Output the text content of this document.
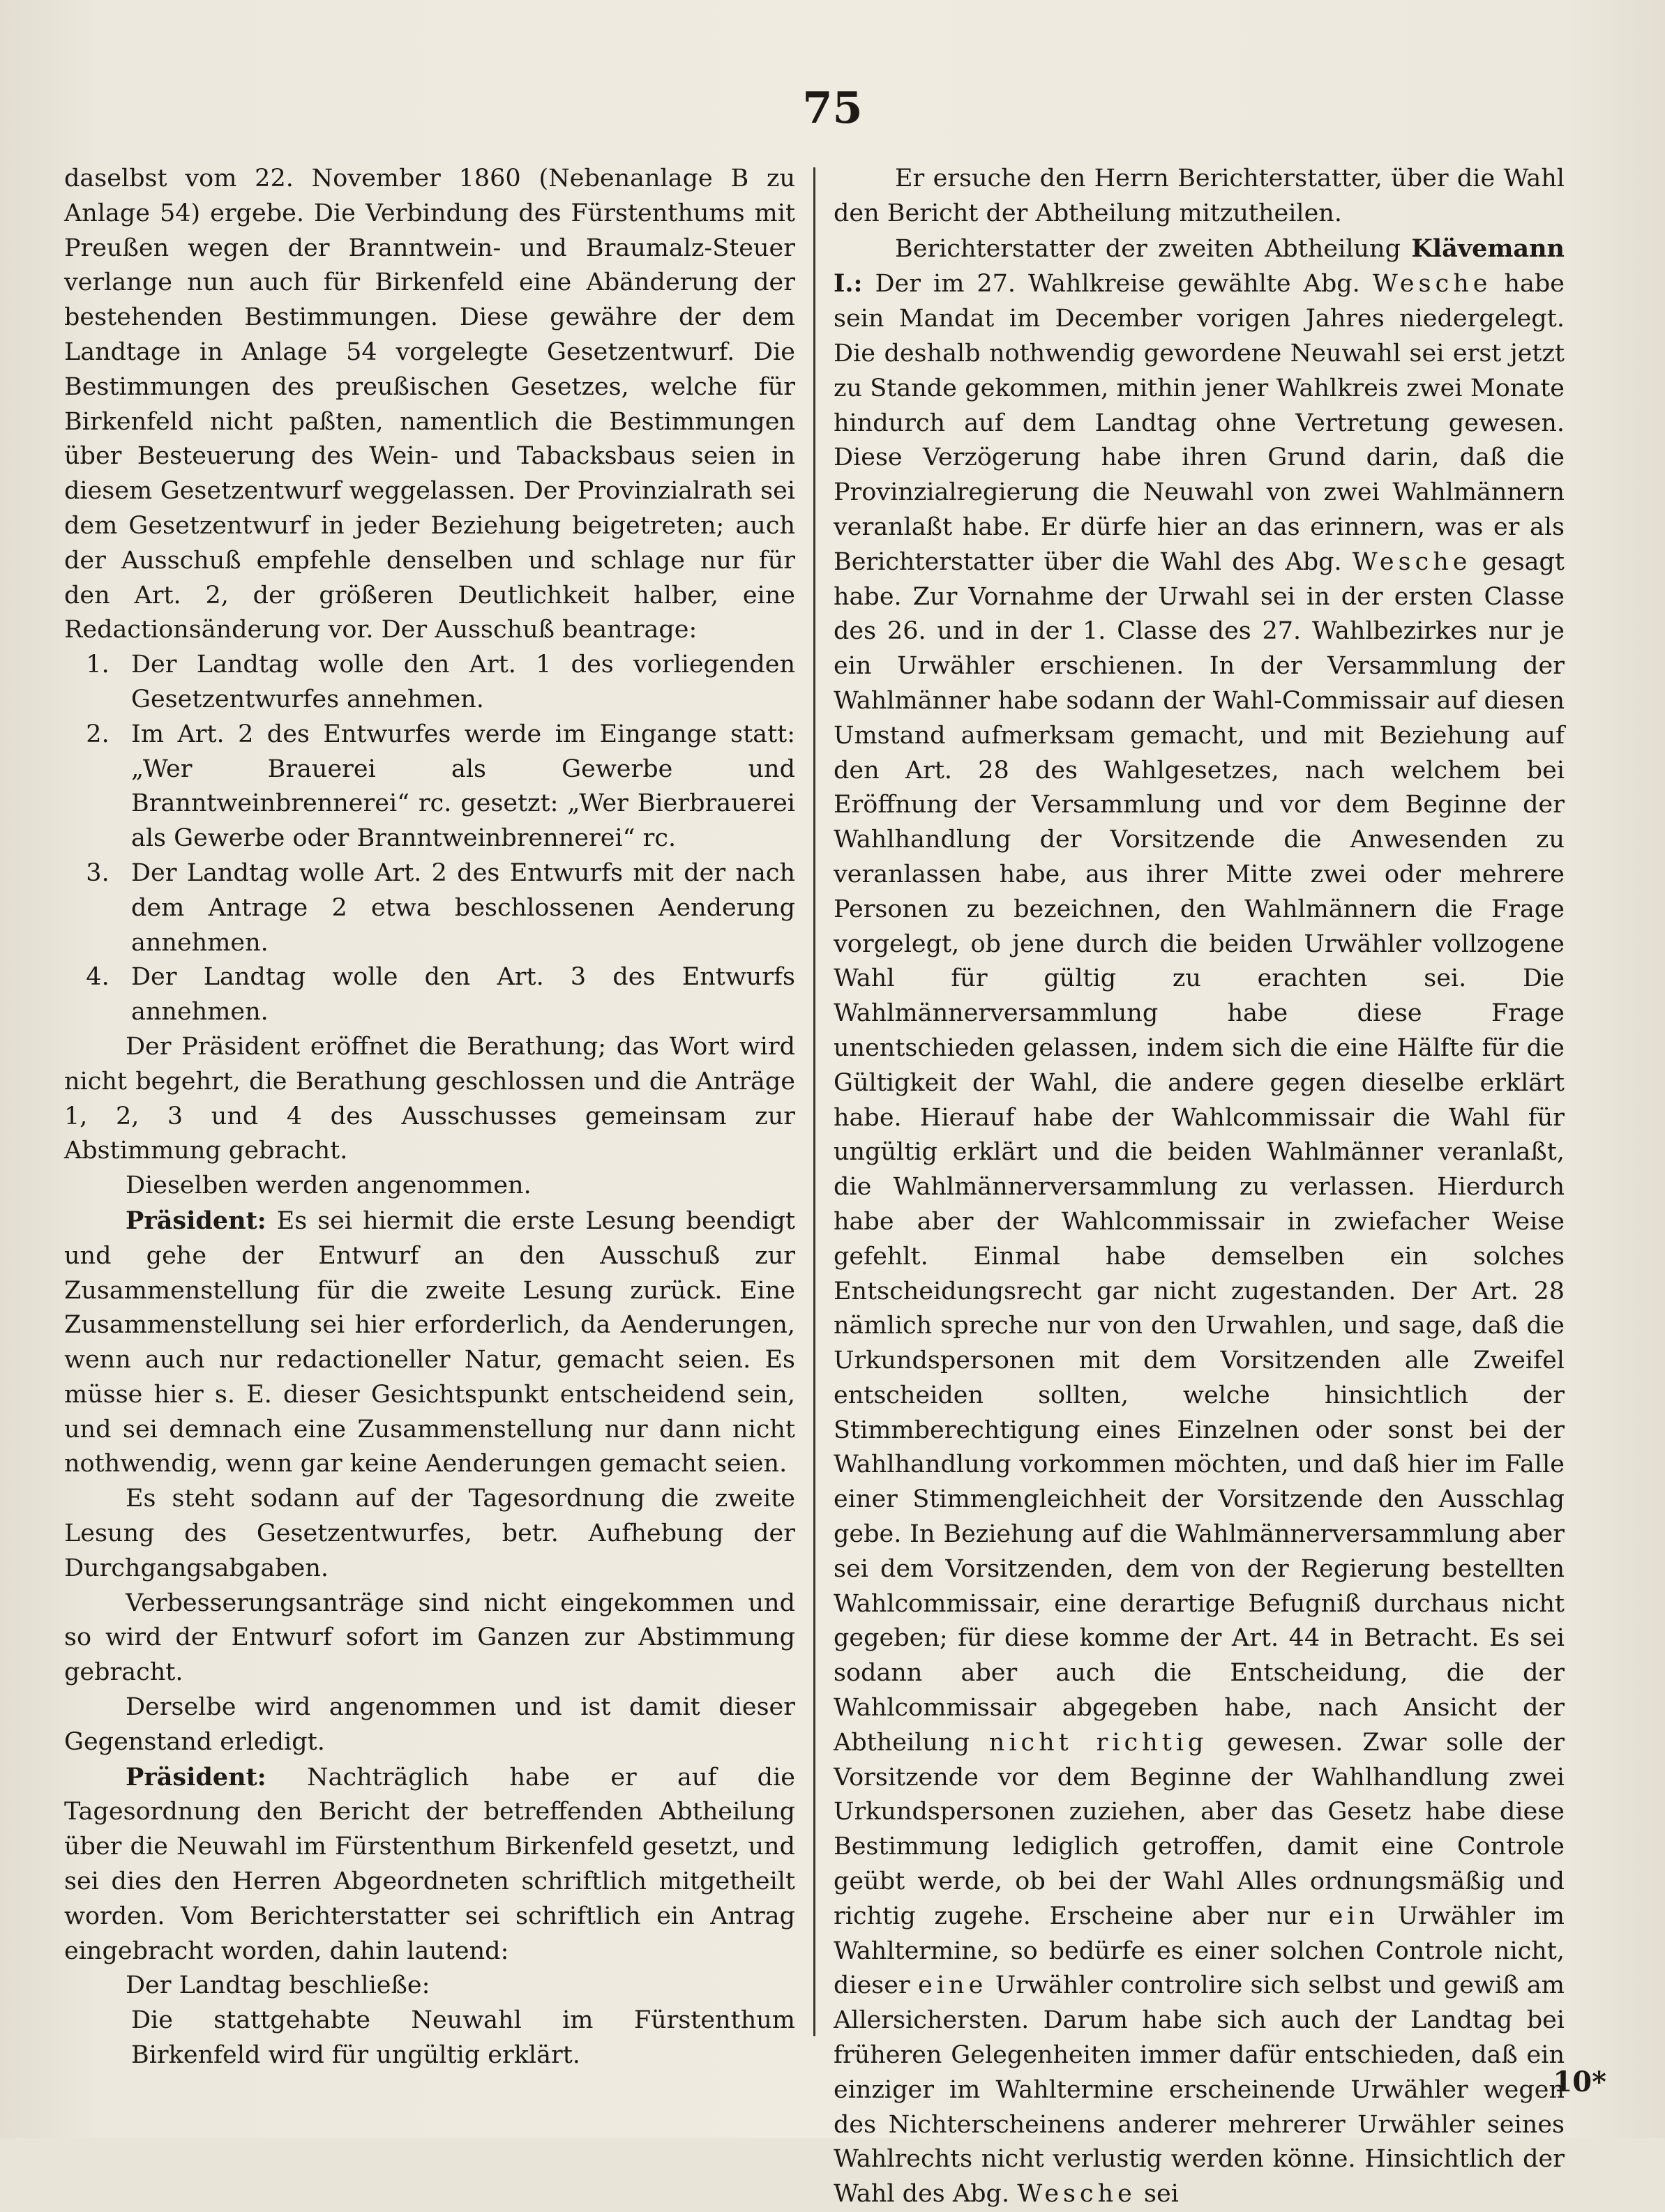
75

daselbst vom 22. November 1860 (Nebenanlage B zu Anlage 54) ergebe. Die Verbindung des Fürstenthums mit Preußen wegen der Branntwein- und Braumalz-Steuer verlange nun auch für Birkenfeld eine Abänderung der bestehenden Bestimmungen. Diese gewähre der dem Landtage in Anlage 54 vorgelegte Gesetzentwurf. Die Bestimmungen des preußischen Gesetzes, welche für Birkenfeld nicht paßten, namentlich die Bestimmungen über Besteuerung des Wein- und Tabacksbaus seien in diesem Gesetzentwurf weggelassen. Der Provinzialrath sei dem Gesetzentwurf in jeder Beziehung beigetreten; auch der Ausschuß empfehle denselben und schlage nur für den Art. 2, der größeren Deutlichkeit halber, eine Redactionsänderung vor. Der Ausschuß beantrage:

1. Der Landtag wolle den Art. 1 des vorliegenden Gesetzentwurfes annehmen.
2. Im Art. 2 des Entwurfes werde im Eingange statt: „Wer Brauerei als Gewerbe und Branntweinbrennerei“ rc. gesetzt: „Wer Bierbrauerei als Gewerbe oder Branntweinbrennerei“ rc.
3. Der Landtag wolle Art. 2 des Entwurfs mit der nach dem Antrage 2 etwa beschlossenen Aenderung annehmen.
4. Der Landtag wolle den Art. 3 des Entwurfs annehmen.

Der Präsident eröffnet die Berathung; das Wort wird nicht begehrt, die Berathung geschlossen und die Anträge 1, 2, 3 und 4 des Ausschusses gemeinsam zur Abstimmung gebracht.

Dieselben werden angenommen.

Präsident: Es sei hiermit die erste Lesung beendigt und gehe der Entwurf an den Ausschuß zur Zusammenstellung für die zweite Lesung zurück. Eine Zusammenstellung sei hier erforderlich, da Aenderungen, wenn auch nur redactioneller Natur, gemacht seien. Es müsse hier s. E. dieser Gesichtspunkt entscheidend sein, und sei demnach eine Zusammenstellung nur dann nicht nothwendig, wenn gar keine Aenderungen gemacht seien.

Es steht sodann auf der Tagesordnung die zweite Lesung des Gesetzentwurfes, betr. Aufhebung der Durchgangsabgaben.

Verbesserungsanträge sind nicht eingekommen und so wird der Entwurf sofort im Ganzen zur Abstimmung gebracht.

Derselbe wird angenommen und ist damit dieser Gegenstand erledigt.

Präsident: Nachträglich habe er auf die Tagesordnung den Bericht der betreffenden Abtheilung über die Neuwahl im Fürstenthum Birkenfeld gesetzt, und sei dies den Herren Abgeordneten schriftlich mitgetheilt worden. Vom Berichterstatter sei schriftlich ein Antrag eingebracht worden, dahin lautend:

Der Landtag beschließe:

Die stattgehabte Neuwahl im Fürstenthum Birkenfeld wird für ungültig erklärt.

Er ersuche den Herrn Berichterstatter, über die Wahl den Bericht der Abtheilung mitzutheilen.

Berichterstatter der zweiten Abtheilung Klävemann I.: Der im 27. Wahlkreise gewählte Abg. Wesche habe sein Mandat im December vorigen Jahres niedergelegt. Die deshalb nothwendig gewordene Neuwahl sei erst jetzt zu Stande gekommen, mithin jener Wahlkreis zwei Monate hindurch auf dem Landtag ohne Vertretung gewesen. Diese Verzögerung habe ihren Grund darin, daß die Provinzialregierung die Neuwahl von zwei Wahlmännern veranlaßt habe. Er dürfe hier an das erinnern, was er als Berichterstatter über die Wahl des Abg. Wesche gesagt habe. Zur Vornahme der Urwahl sei in der ersten Classe des 26. und in der 1. Classe des 27. Wahlbezirkes nur je ein Urwähler erschienen. In der Versammlung der Wahlmänner habe sodann der Wahl-Commissair auf diesen Umstand aufmerksam gemacht, und mit Beziehung auf den Art. 28 des Wahlgesetzes, nach welchem bei Eröffnung der Versammlung und vor dem Beginne der Wahlhandlung der Vorsitzende die Anwesenden zu veranlassen habe, aus ihrer Mitte zwei oder mehrere Personen zu bezeichnen, den Wahlmännern die Frage vorgelegt, ob jene durch die beiden Urwähler vollzogene Wahl für gültig zu erachten sei. Die Wahlmännerversammlung habe diese Frage unentschieden gelassen, indem sich die eine Hälfte für die Gültigkeit der Wahl, die andere gegen dieselbe erklärt habe. Hierauf habe der Wahlcommissair die Wahl für ungültig erklärt und die beiden Wahlmänner veranlaßt, die Wahlmännerversammlung zu verlassen. Hierdurch habe aber der Wahlcommissair in zwiefacher Weise gefehlt. Einmal habe demselben ein solches Entscheidungsrecht gar nicht zugestanden. Der Art. 28 nämlich spreche nur von den Urwahlen, und sage, daß die Urkundspersonen mit dem Vorsitzenden alle Zweifel entscheiden sollten, welche hinsichtlich der Stimmberechtigung eines Einzelnen oder sonst bei der Wahlhandlung vorkommen möchten, und daß hier im Falle einer Stimmengleichheit der Vorsitzende den Ausschlag gebe. In Beziehung auf die Wahlmännerversammlung aber sei dem Vorsitzenden, dem von der Regierung bestellten Wahlcommissair, eine derartige Befugniß durchaus nicht gegeben; für diese komme der Art. 44 in Betracht. Es sei sodann aber auch die Entscheidung, die der Wahlcommissair abgegeben habe, nach Ansicht der Abtheilung nicht richtig gewesen. Zwar solle der Vorsitzende vor dem Beginne der Wahlhandlung zwei Urkundspersonen zuziehen, aber das Gesetz habe diese Bestimmung lediglich getroffen, damit eine Controle geübt werde, ob bei der Wahl Alles ordnungsmäßig und richtig zugehe. Erscheine aber nur ein Urwähler im Wahltermine, so bedürfe es einer solchen Controle nicht, dieser eine Urwähler controlire sich selbst und gewiß am Allersichersten. Darum habe sich auch der Landtag bei früheren Gelegenheiten immer dafür entschieden, daß ein einziger im Wahltermine erscheinende Urwähler wegen des Nichterscheinens anderer mehrerer Urwähler seines Wahlrechts nicht verlustig werden könne. Hinsichtlich der Wahl des Abg. Wesche sei

10*
